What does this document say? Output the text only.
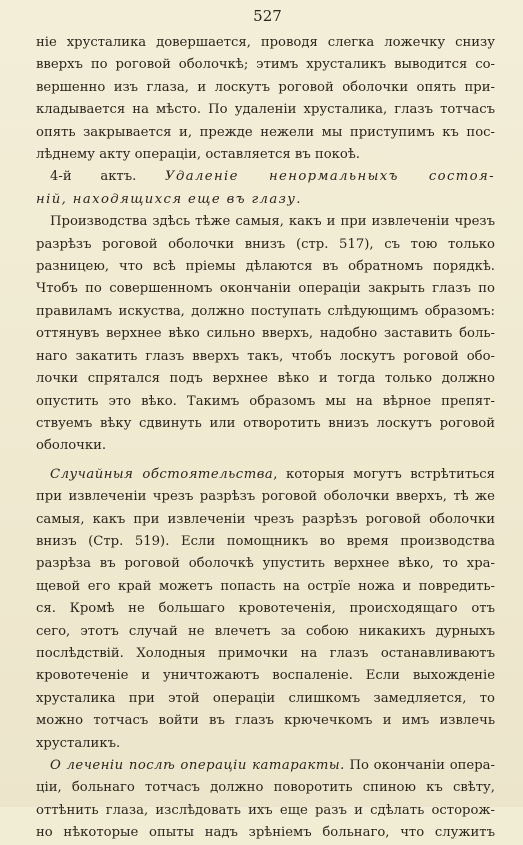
527

ніе хрусталика довершается, проводя слегка ложечку снизу

вверхъ по роговой оболочкѣ; этимъ хрусталикъ выводится со-

вершенно изъ глаза, и лоскутъ роговой оболочки опять при-

кладывается на мѣсто. По удаленіи хрусталика, глазъ тотчасъ

опять закрывается и, прежде нежели мы приступимъ къ пос-

лѣднему акту операціи, оставляется въ покоѣ.

4-й актъ. Удаленіе ненормальныхъ состоя-

ній, находящихся еще въ глазу.

Производства здѣсь тѣже самыя, какъ и при извлеченіи чрезъ

разрѣзъ роговой оболочки внизъ (стр. 517), съ тою только

разницею, что всѣ пріемы дѣлаются въ обратномъ порядкѣ.

Чтобъ по совершенномъ окончаніи операціи закрыть глазъ по

правиламъ искуства, должно поступать слѣдующимъ образомъ:

оттянувъ верхнее вѣко сильно вверхъ, надобно заставить боль-

наго закатить глазъ вверхъ такъ, чтобъ лоскутъ роговой обо-

лочки спрятался подъ верхнее вѣко и тогда только должно

опустить это вѣко. Такимъ образомъ мы на вѣрное препят-

ствуемъ вѣку сдвинуть или отворотить внизъ лоскутъ роговой

оболочки.

Случайныя обстоятельства, которыя могутъ встрѣтиться

при извлеченіи чрезъ разрѣзъ роговой оболочки вверхъ, тѣ же

самыя, какъ при извлеченіи чрезъ разрѣзъ роговой оболочки

внизъ (Стр. 519). Если помощникъ во время производства

разрѣза въ роговой оболочкѣ упустить верхнее вѣко, то хра-

щевой его край можетъ попасть на острїе ножа и повредить-

ся. Кромѣ не большаго кровотеченія, происходящаго отъ

сего, этотъ случай не влечетъ за собою никакихъ дурныхъ

послѣдствій. Холодныя примочки на глазъ останавливаютъ

кровотеченіе и уничтожаютъ воспаленіе. Если выхожденіе

хрусталика при этой операціи слишкомъ замедляется, то

можно тотчасъ войти въ глазъ крючечкомъ и имъ извлечь

хрусталикъ.

О леченіи послѣ операціи катаракты. По окончаніи опера-

ціи, больнаго тотчасъ должно поворотить спиною къ свѣту,

оттѣнить глаза, изслѣдовать ихъ еще разъ и сдѣлать осторож-

но нѣкоторые опыты надъ зрѣніемъ больнаго, что служитъ
